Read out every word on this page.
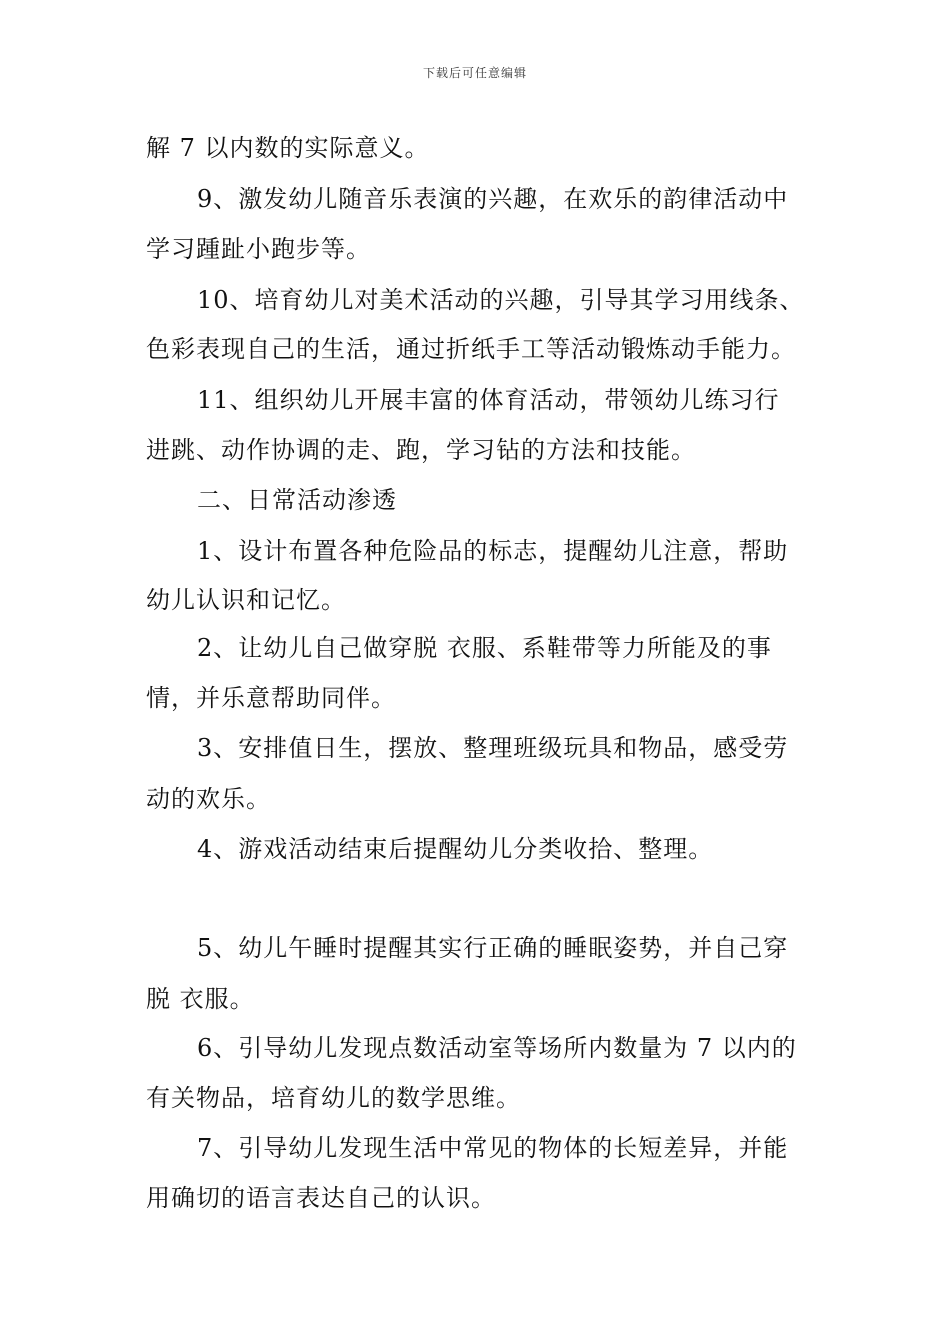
下载后可任意编辑
解 7 以内数的实际意义。
9、激发幼儿随音乐表演的兴趣，在欢乐的韵律活动中
学习踵趾小跑步等。
10、培育幼儿对美术活动的兴趣，引导其学习用线条、
色彩表现自己的生活，通过折纸手工等活动锻炼动手能力。
11、组织幼儿开展丰富的体育活动，带领幼儿练习行
进跳、动作协调的走、跑，学习钻的方法和技能。
二、日常活动渗透
1、设计布置各种危险品的标志，提醒幼儿注意，帮助
幼儿认识和记忆。
2、让幼儿自己做穿脱 衣服、系鞋带等力所能及的事
情，并乐意帮助同伴。
3、安排值日生，摆放、整理班级玩具和物品，感受劳
动的欢乐。
4、游戏活动结束后提醒幼儿分类收拾、整理。
5、幼儿午睡时提醒其实行正确的睡眠姿势，并自己穿
脱 衣服。
6、引导幼儿发现点数活动室等场所内数量为 7 以内的
有关物品，培育幼儿的数学思维。
7、引导幼儿发现生活中常见的物体的长短差异，并能
用确切的语言表达自己的认识。
